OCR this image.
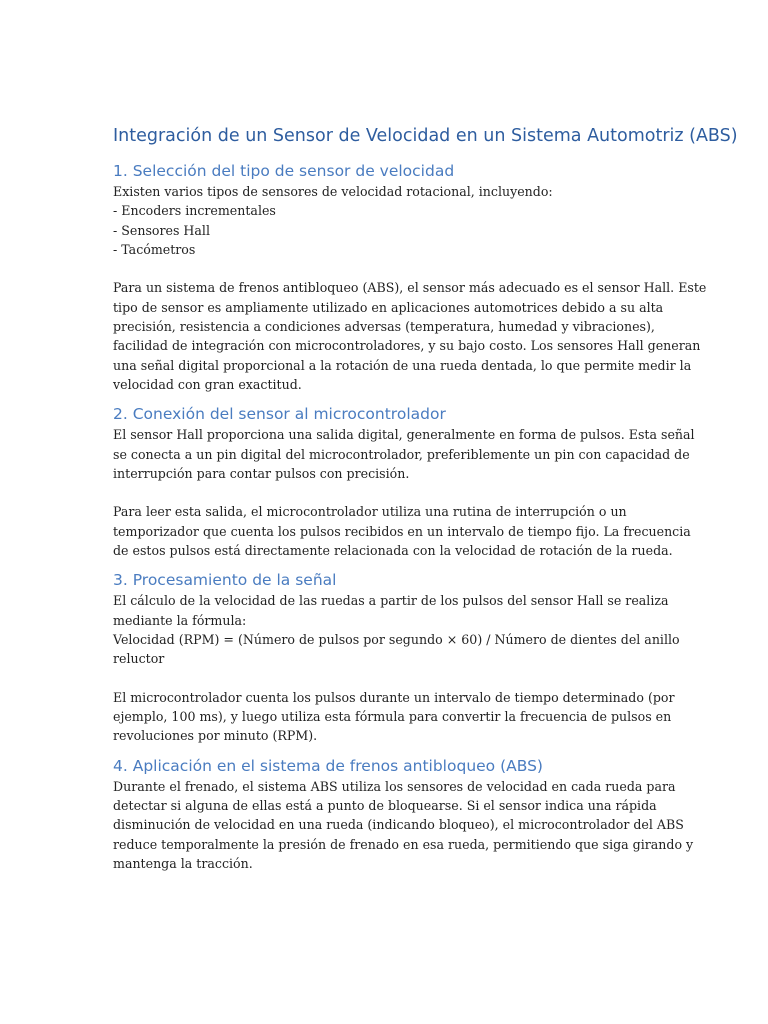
Integración de un Sensor de Velocidad en un Sistema Automotriz (ABS)
1. Selección del tipo de sensor de velocidad

Existen varios tipos de sensores de velocidad rotacional, incluyendo:
- Encoders incrementales
- Sensores Hall
- Tacómetros

Para un sistema de frenos antibloqueo (ABS), el sensor más adecuado es el sensor Hall. Este
tipo de sensor es ampliamente utilizado en aplicaciones automotrices debido a su alta
precisión, resistencia a condiciones adversas (temperatura, humedad y vibraciones),
facilidad de integración con microcontroladores, y su bajo costo. Los sensores Hall generan
una señal digital proporcional a la rotación de una rueda dentada, lo que permite medir la
velocidad con gran exactitud.

2. Conexión del sensor al microcontrolador

El sensor Hall proporciona una salida digital, generalmente en forma de pulsos. Esta señal
se conecta a un pin digital del microcontrolador, preferiblemente un pin con capacidad de
interrupción para contar pulsos con precisión.

Para leer esta salida, el microcontrolador utiliza una rutina de interrupción o un
temporizador que cuenta los pulsos recibidos en un intervalo de tiempo fijo. La frecuencia
de estos pulsos está directamente relacionada con la velocidad de rotación de la rueda.

3. Procesamiento de la señal

El cálculo de la velocidad de las ruedas a partir de los pulsos del sensor Hall se realiza
mediante la fórmula:
Velocidad (RPM) = (Número de pulsos por segundo × 60) / Número de dientes del anillo
reluctor

El microcontrolador cuenta los pulsos durante un intervalo de tiempo determinado (por
ejemplo, 100 ms), y luego utiliza esta fórmula para convertir la frecuencia de pulsos en
revoluciones por minuto (RPM).

4. Aplicación en el sistema de frenos antibloqueo (ABS)

Durante el frenado, el sistema ABS utiliza los sensores de velocidad en cada rueda para
detectar si alguna de ellas está a punto de bloquearse. Si el sensor indica una rápida
disminución de velocidad en una rueda (indicando bloqueo), el microcontrolador del ABS
reduce temporalmente la presión de frenado en esa rueda, permitiendo que siga girando y
mantenga la tracción.
